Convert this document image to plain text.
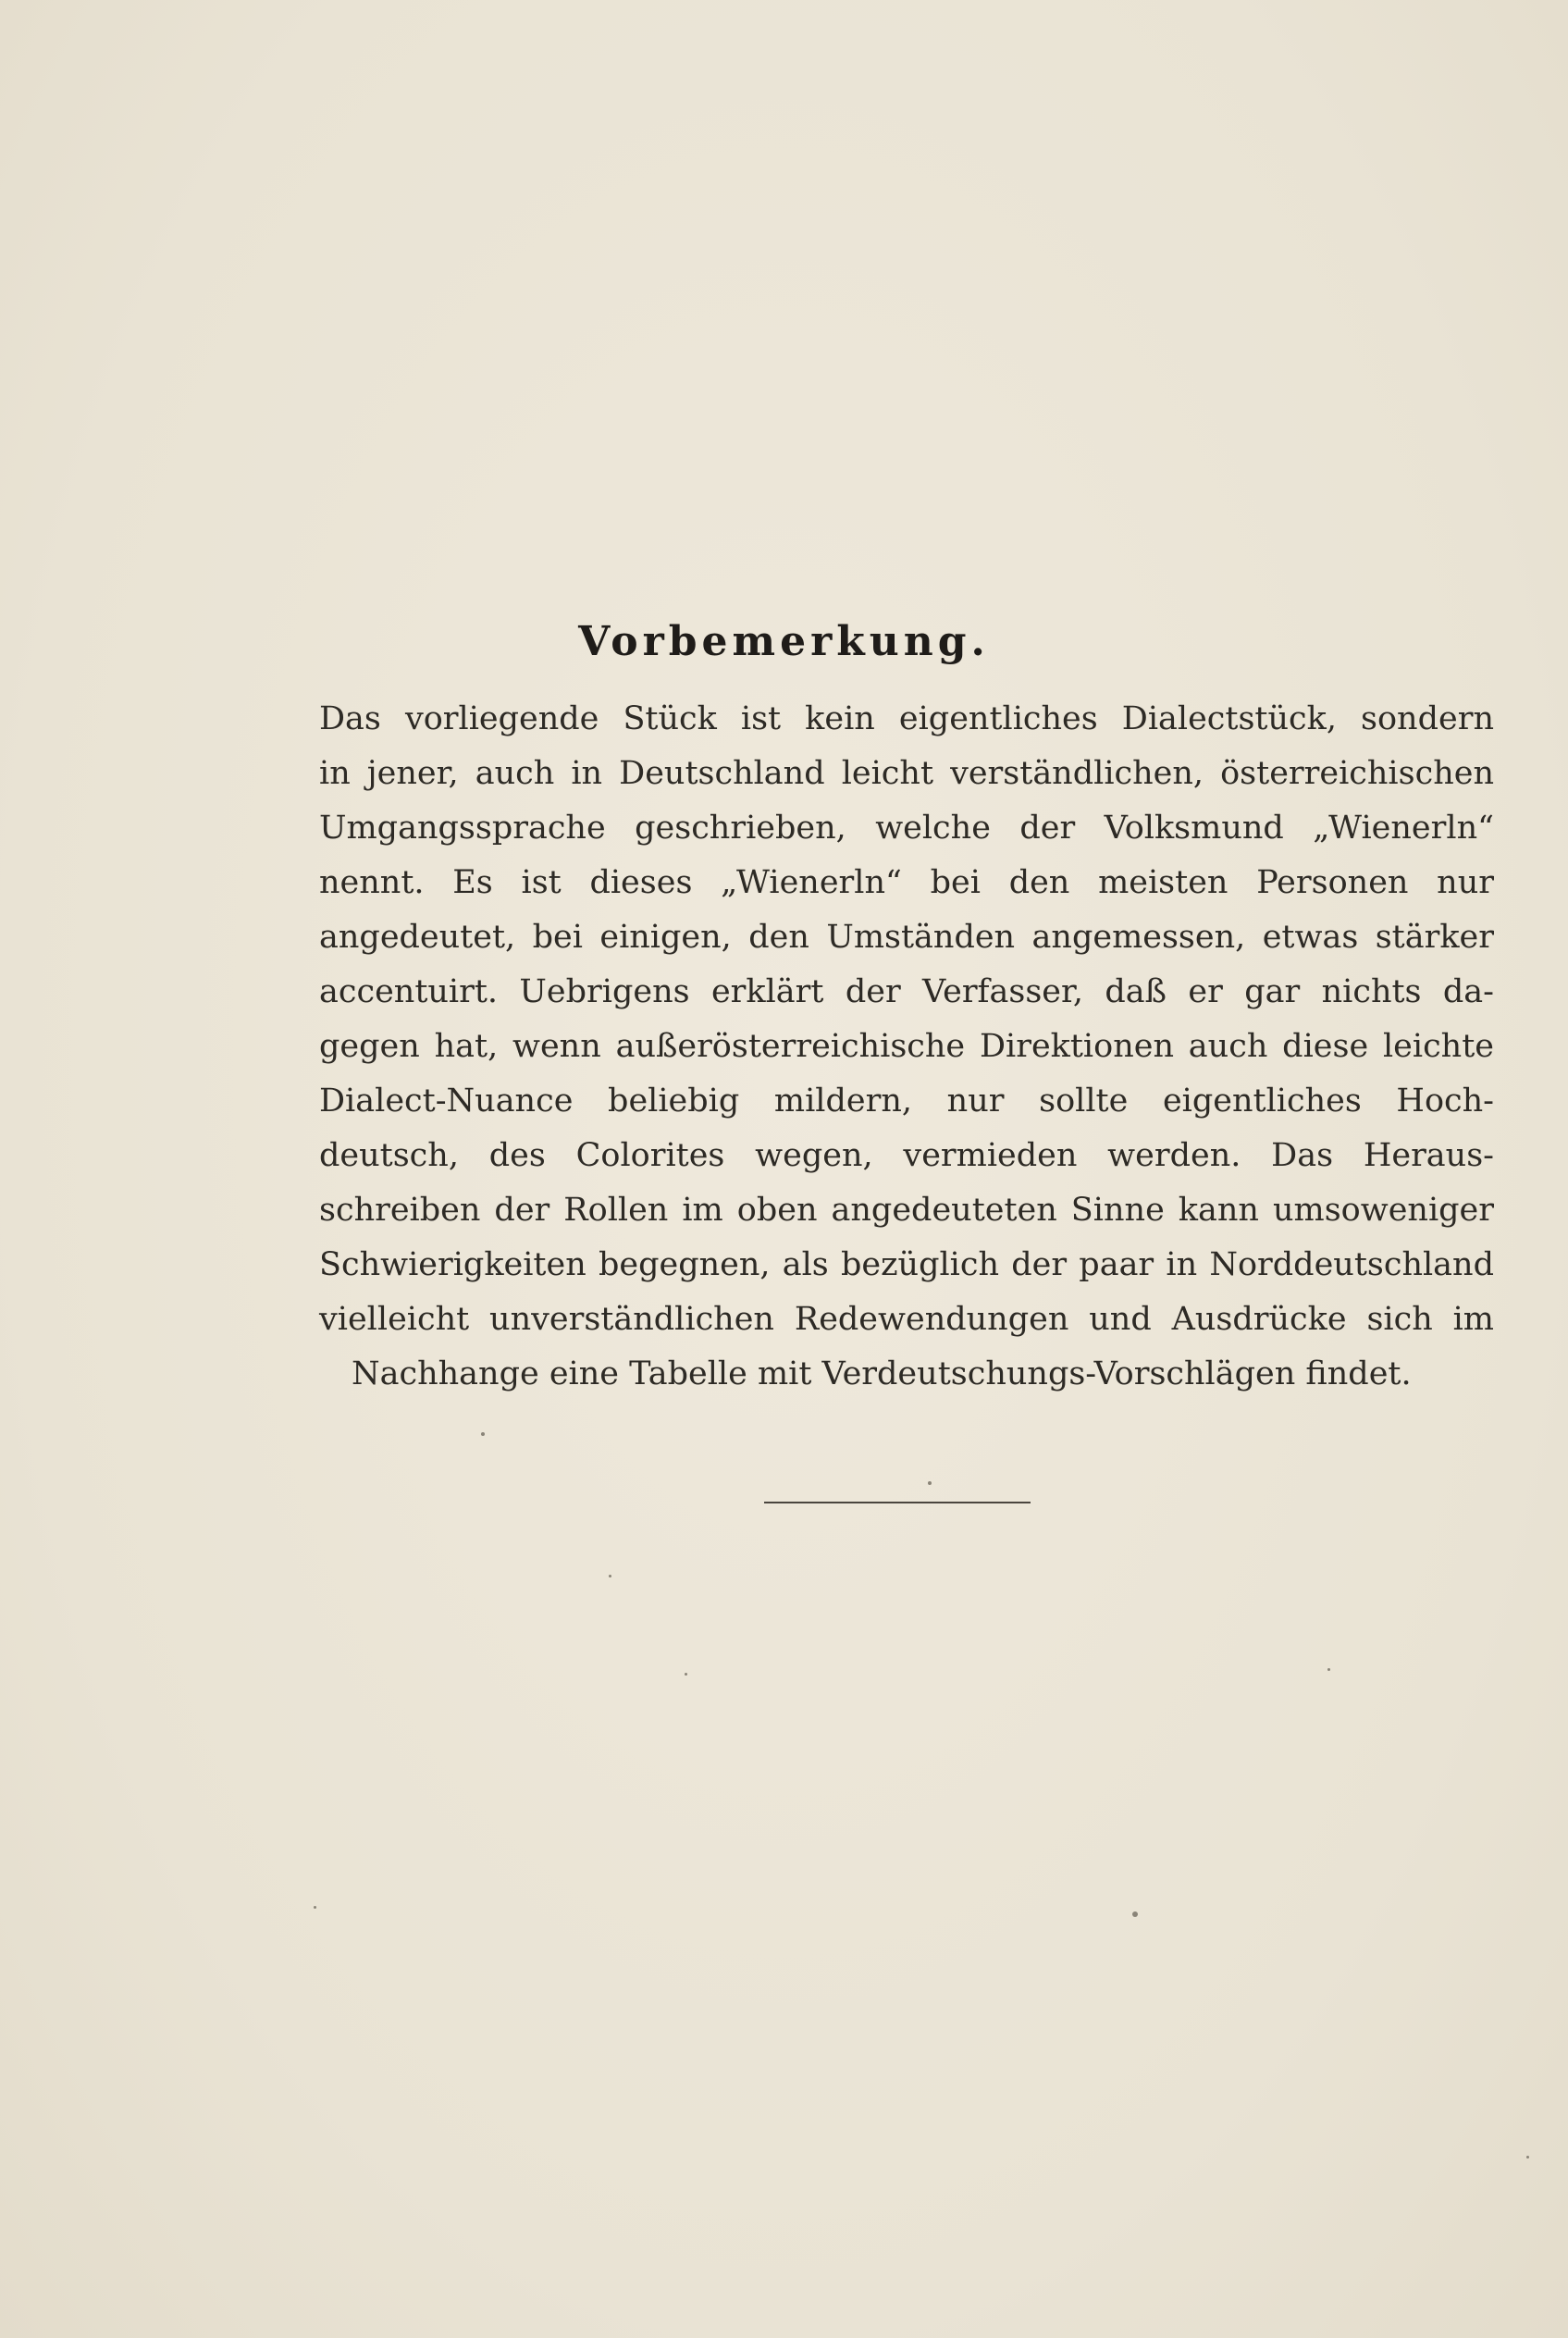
Vorbemerkung.
Das vorliegende Stück ist kein eigentliches Dialectstück, sondern
in jener, auch in Deutschland leicht verständlichen, österreichischen
Umgangssprache geschrieben, welche der Volksmund „Wienerln“
nennt. Es ist dieses „Wienerln“ bei den meisten Personen nur
angedeutet, bei einigen, den Umständen angemessen, etwas stärker
accentuirt. Uebrigens erklärt der Verfasser, daß er gar nichts da-
gegen hat, wenn außerösterreichische Direktionen auch diese leichte
Dialect-Nuance beliebig mildern, nur sollte eigentliches Hoch-
deutsch, des Colorites wegen, vermieden werden. Das Heraus-
schreiben der Rollen im oben angedeuteten Sinne kann umsoweniger
Schwierigkeiten begegnen, als bezüglich der paar in Norddeutschland
vielleicht unverständlichen Redewendungen und Ausdrücke sich im
Nachhange eine Tabelle mit Verdeutschungs-Vorschlägen findet.
